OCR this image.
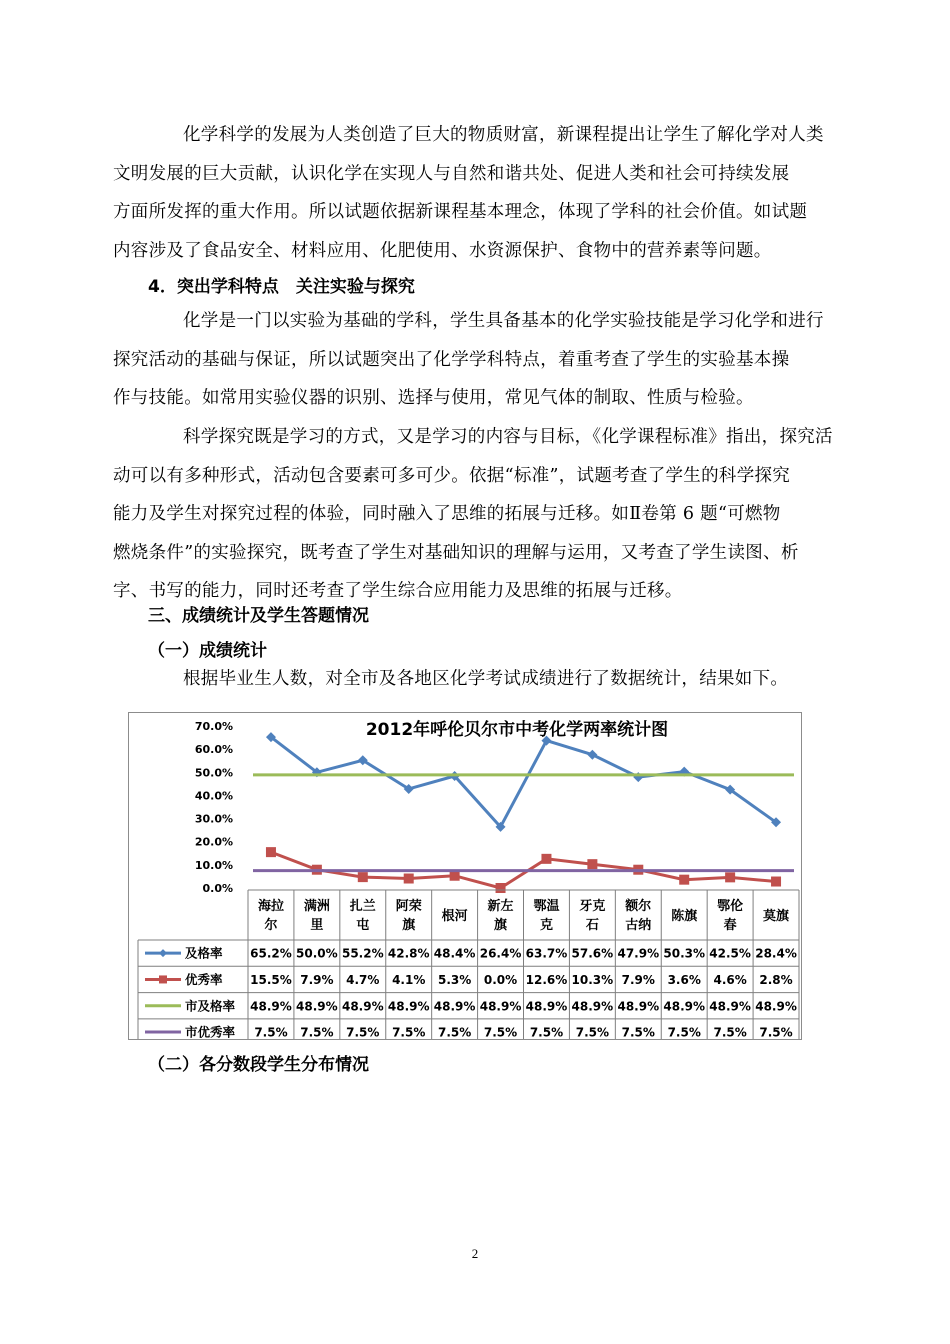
化学科学的发展为人类创造了巨大的物质财富，新课程提出让学生了解化学对人类
文明发展的巨大贡献，认识化学在实现人与自然和谐共处、促进人类和社会可持续发展
方面所发挥的重大作用。所以试题依据新课程基本理念，体现了学科的社会价值。如试题
内容涉及了食品安全、材料应用、化肥使用、水资源保护、食物中的营养素等问题。
4．突出学科特点　关注实验与探究
化学是一门以实验为基础的学科，学生具备基本的化学实验技能是学习化学和进行
探究活动的基础与保证，所以试题突出了化学学科特点，着重考查了学生的实验基本操
作与技能。如常用实验仪器的识别、选择与使用，常见气体的制取、性质与检验。
科学探究既是学习的方式，又是学习的内容与目标，《化学课程标准》指出，探究活
动可以有多种形式，活动包含要素可多可少。依据“标准”，试题考查了学生的科学探究
能力及学生对探究过程的体验，同时融入了思维的拓展与迁移。如Ⅱ卷第 6 题“可燃物
燃烧条件”的实验探究，既考查了学生对基础知识的理解与运用，又考查了学生读图、析
字、书写的能力，同时还考查了学生综合应用能力及思维的拓展与迁移。
三、成绩统计及学生答题情况
（一）成绩统计
根据毕业生人数，对全市及各地区化学考试成绩进行了数据统计，结果如下。
0.0%
10.0%
20.0%
30.0%
40.0%
50.0%
60.0%
70.0%
海拉
尔
满洲
里
扎兰
屯
阿荣
旗
根河
新左
旗
鄂温
克
牙克
石
额尔
古纳
陈旗
鄂伦
春
莫旗
及格率 65.2% 50.0% 55.2% 42.8% 48.4% 26.4% 63.7% 57.6% 47.9% 50.3% 42.5% 28.4%
优秀率 15.5% 7.9% 4.7% 4.1% 5.3% 0.0% 12.6% 10.3% 7.9% 3.6% 4.6% 2.8%
市及格率 48.9% 48.9% 48.9% 48.9% 48.9% 48.9% 48.9% 48.9% 48.9% 48.9% 48.9% 48.9%
市优秀率 7.5% 7.5% 7.5% 7.5% 7.5% 7.5% 7.5% 7.5% 7.5% 7.5% 7.5% 7.5%
2012年呼伦贝尔市中考化学两率统计图
（二）各分数段学生分布情况
2
